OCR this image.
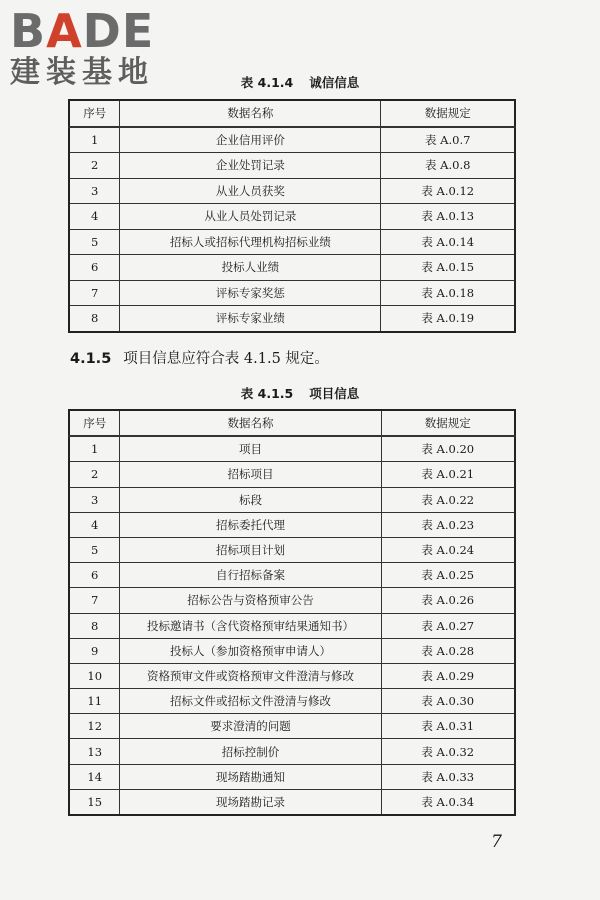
BADE
建装基地	表 4.1.4 诚信信息
序号	数据名称	数据规定
1	企业信用评价	表 A.0.7
2	企业处罚记录	表 A.0.8
3	从业人员获奖	表 A.0.12
4	从业人员处罚记录	表 A.0.13
5	招标人或招标代理机构招标业绩	表 A.0.14
6	投标人业绩	表 A.0.15
7	评标专家奖惩	表 A.0.18
8	评标专家业绩	表 A.0.19
4.1.5 项目信息应符合表 4.1.5 规定。
表 4.1.5 项目信息
序号	数据名称	数据规定
1	项目	表 A.0.20
2	招标项目	表 A.0.21
3	标段	表 A.0.22
4	招标委托代理	表 A.0.23
5	招标项目计划	表 A.0.24
6	自行招标备案	表 A.0.25
7	招标公告与资格预审公告	表 A.0.26
8	投标邀请书（含代资格预审结果通知书）	表 A.0.27
9	投标人（参加资格预审申请人）	表 A.0.28
10	资格预审文件或资格预审文件澄清与修改	表 A.0.29
11	招标文件或招标文件澄清与修改	表 A.0.30
12	要求澄清的问题	表 A.0.31
13	招标控制价	表 A.0.32
14	现场踏勘通知	表 A.0.33
15	现场踏勘记录	表 A.0.34
7
